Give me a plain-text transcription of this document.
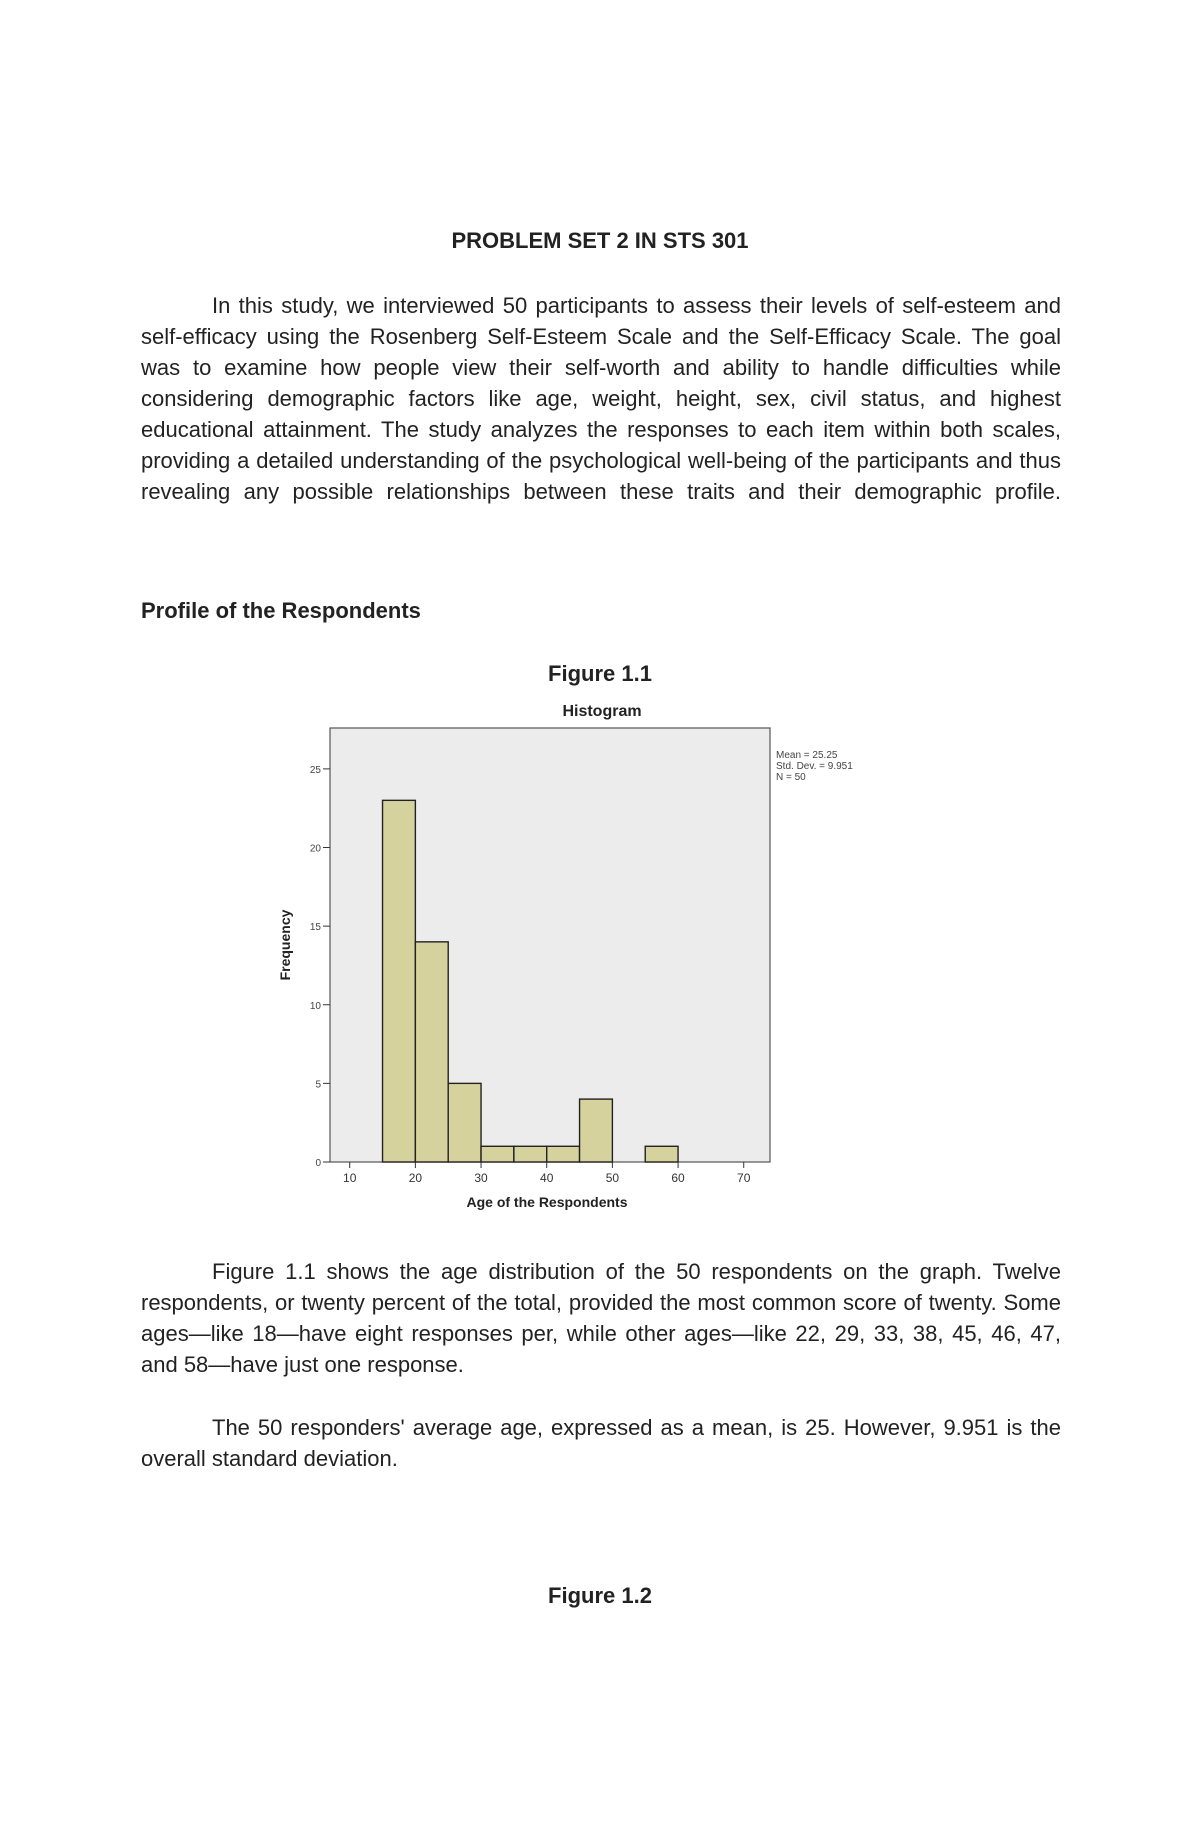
PROBLEM SET 2 IN STS 301

In this study, we interviewed 50 participants to assess their levels of self-esteem and self-efficacy using the Rosenberg Self-Esteem Scale and the Self-Efficacy Scale. The goal was to examine how people view their self-worth and ability to handle difficulties while considering demographic factors like age, weight, height, sex, civil status, and highest educational attainment. The study analyzes the responses to each item within both scales, providing a detailed understanding of the psychological well-being of the participants and thus revealing any possible relationships between these traits and their demographic profile.

Profile of the Respondents
Figure 1.1
Histogram
0
5
10
15
20
25
10	20	30	40	50	60	70
Frequency
Age of the Respondents
Mean = 25.25
Std. Dev. = 9.951
N = 50

Figure 1.1 shows the age distribution of the 50 respondents on the graph. Twelve respondents, or twenty percent of the total, provided the most common score of twenty. Some ages—like 18—have eight responses per, while other ages—like 22, 29, 33, 38, 45, 46, 47, and 58—have just one response.

The 50 responders' average age, expressed as a mean, is 25. However, 9.951 is the overall standard deviation.

Figure 1.2
